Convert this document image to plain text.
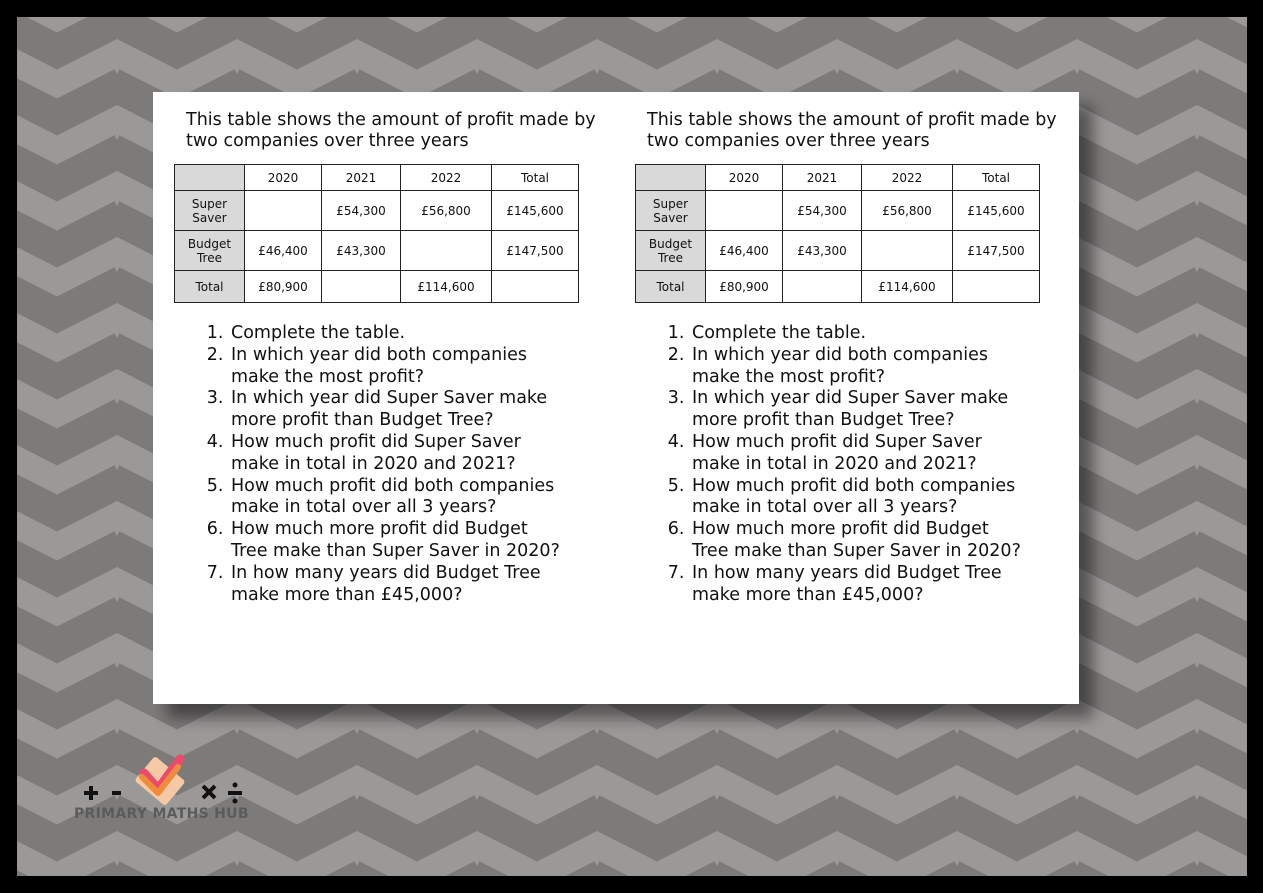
This table shows the amount of profit made by two companies over three years
	2020	2021	2022	Total
Super
Saver		£54,300	£56,800	£145,600
Budget
Tree	£46,400	£43,300		£147,500
Total	£80,900		£114,600	
1. Complete the table.
2. In which year did both companies make the most profit?
3. In which year did Super Saver make more profit than Budget Tree?
4. How much profit did Super Saver make in total in 2020 and 2021?
5. How much profit did both companies make in total over all 3 years?
6. How much more profit did Budget Tree make than Super Saver in 2020?
7. In how many years did Budget Tree make more than £45,000?
This table shows the amount of profit made by two companies over three years
	2020	2021	2022	Total
Super
Saver		£54,300	£56,800	£145,600
Budget
Tree	£46,400	£43,300		£147,500
Total	£80,900		£114,600	
1. Complete the table.
2. In which year did both companies make the most profit?
3. In which year did Super Saver make more profit than Budget Tree?
4. How much profit did Super Saver make in total in 2020 and 2021?
5. How much profit did both companies make in total over all 3 years?
6. How much more profit did Budget Tree make than Super Saver in 2020?
7. In how many years did Budget Tree make more than £45,000?
PRIMARY MATHS HUB
